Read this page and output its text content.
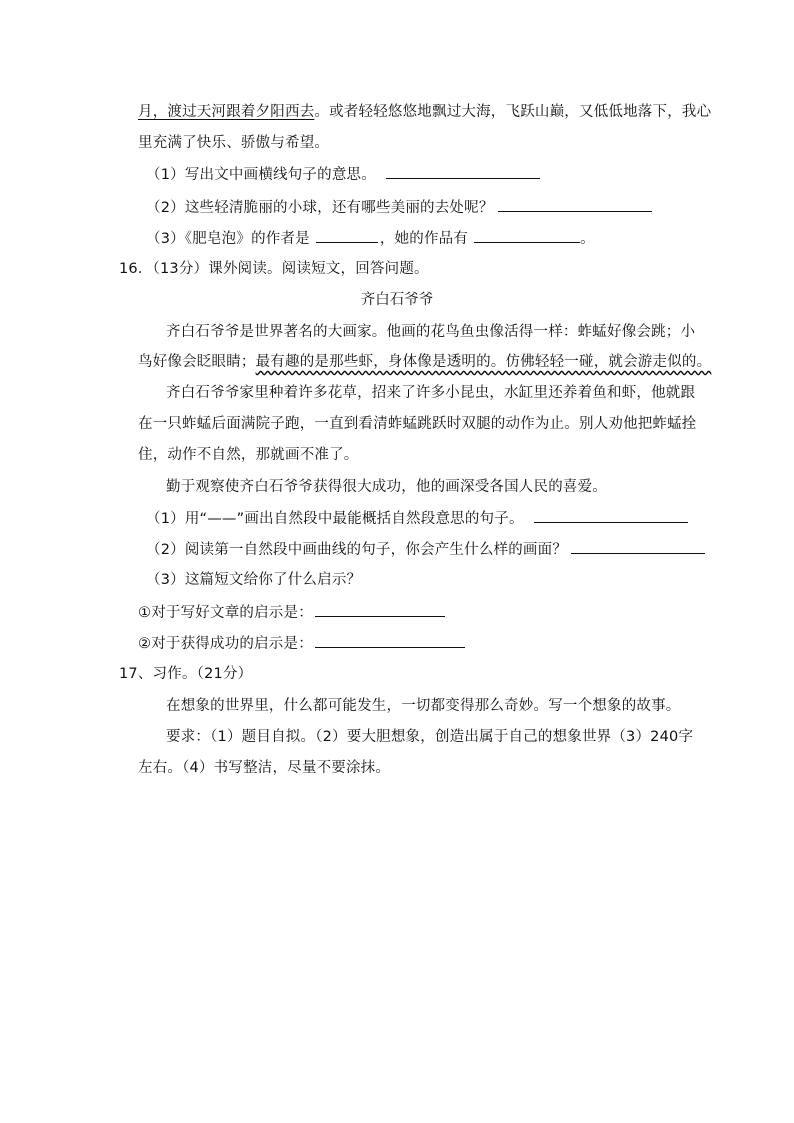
月，渡过天河跟着夕阳西去。或者轻轻悠悠地飘过大海，飞跃山巅，又低低地落下，我心
里充满了快乐、骄傲与希望。
（1）写出文中画横线句子的意思。
（2）这些轻清脆丽的小球，还有哪些美丽的去处呢？
（3）《肥皂泡》的作者是	，她的作品有	。
16．（13分）课外阅读。阅读短文，回答问题。
齐白石爷爷
齐白石爷爷是世界著名的大画家。他画的花鸟鱼虫像活得一样：蚱蜢好像会跳；小
鸟好像会眨眼睛；最有趣的是那些虾，身体像是透明的。仿佛轻轻一碰，就会游走似的。
齐白石爷爷家里种着许多花草，招来了许多小昆虫，水缸里还养着鱼和虾，他就跟
在一只蚱蜢后面满院子跑，一直到看清蚱蜢跳跃时双腿的动作为止。别人劝他把蚱蜢拴
住，动作不自然，那就画不准了。
勤于观察使齐白石爷爷获得很大成功，他的画深受各国人民的喜爱。
（1）用“——”画出自然段中最能概括自然段意思的句子。
（2）阅读第一自然段中画曲线的句子，你会产生什么样的画面？
（3）这篇短文给你了什么启示？
①对于写好文章的启示是：
②对于获得成功的启示是：
17、习作。（21分）
在想象的世界里，什么都可能发生，一切都变得那么奇妙。写一个想象的故事。
要求：（1）题目自拟。（2）要大胆想象，创造出属于自己的想象世界（3）240字
左右。（4）书写整洁，尽量不要涂抹。
